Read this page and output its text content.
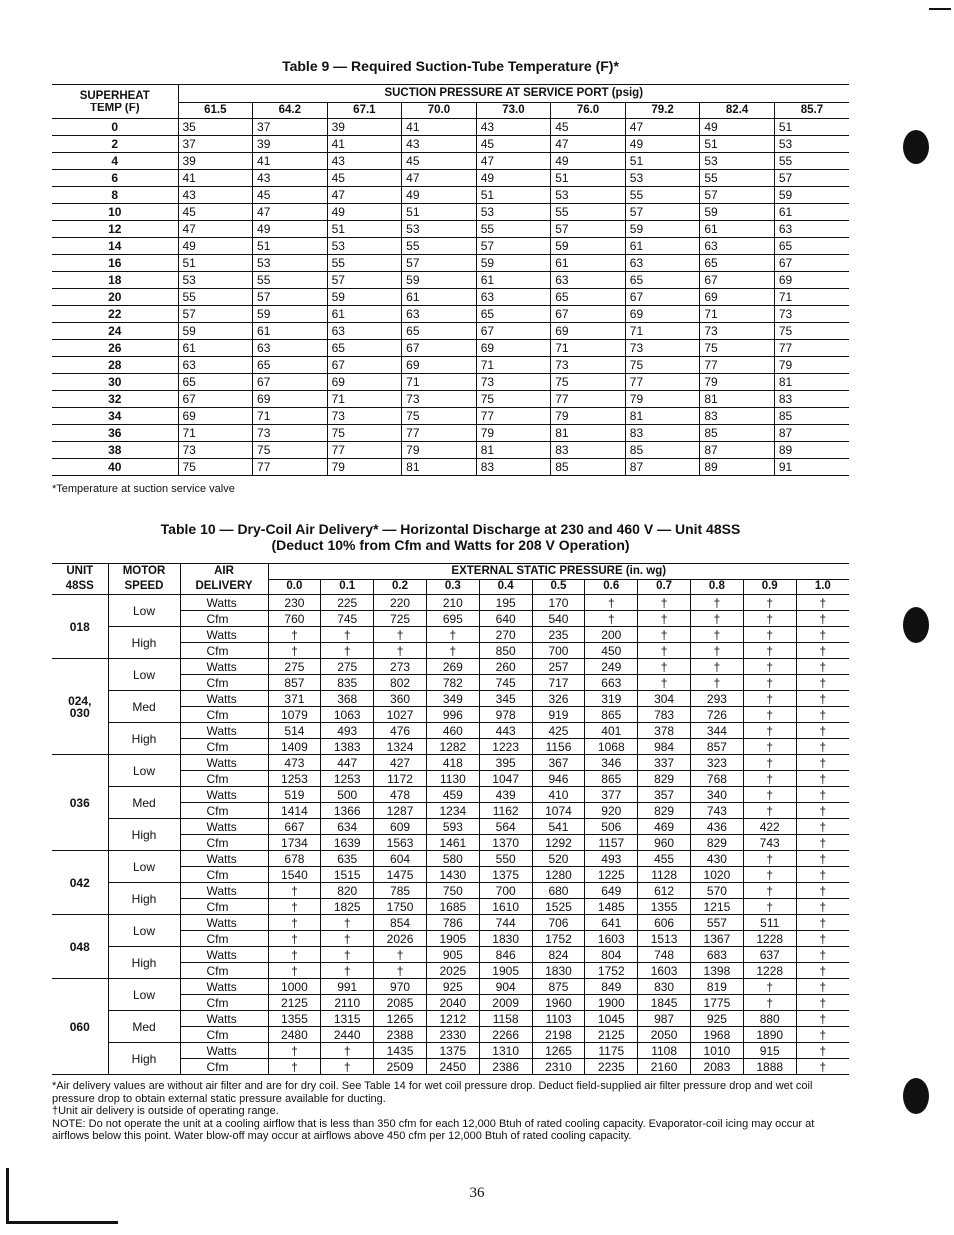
Table 9 — Required Suction-Tube Temperature (F)*
SUPERHEAT	SUCTION PRESSURE AT SERVICE PORT (psig)								
TEMP (F)	61.5	64.2	67.1	70.0	73.0	76.0	79.2	82.4	85.7
0	35	37	39	41	43	45	47	49	51
2	37	39	41	43	45	47	49	51	53
4	39	41	43	45	47	49	51	53	55
6	41	43	45	47	49	51	53	55	57
8	43	45	47	49	51	53	55	57	59
10	45	47	49	51	53	55	57	59	61
12	47	49	51	53	55	57	59	61	63
14	49	51	53	55	57	59	61	63	65
16	51	53	55	57	59	61	63	65	67
18	53	55	57	59	61	63	65	67	69
20	55	57	59	61	63	65	67	69	71
22	57	59	61	63	65	67	69	71	73
24	59	61	63	65	67	69	71	73	75
26	61	63	65	67	69	71	73	75	77
28	63	65	67	69	71	73	75	77	79
30	65	67	69	71	73	75	77	79	81
32	67	69	71	73	75	77	79	81	83
34	69	71	73	75	77	79	81	83	85
36	71	73	75	77	79	81	83	85	87
38	73	75	77	79	81	83	85	87	89
40	75	77	79	81	83	85	87	89	91
*Temperature at suction service valve
Table 10 — Dry-Coil Air Delivery* — Horizontal Discharge at 230 and 460 V — Unit 48SS
(Deduct 10% from Cfm and Watts for 208 V Operation)
UNIT	MOTOR	AIR	EXTERNAL STATIC PRESSURE (in. wg)										
48SS	SPEED	DELIVERY	0.0	0.1	0.2	0.3	0.4	0.5	0.6	0.7	0.8	0.9	1.0
018	Low	Watts	230	225	220	210	195	170	†	†	†	†	†
		Cfm	760	745	725	695	640	540	†	†	†	†	†
	High	Watts	†	†	†	†	270	235	200	†	†	†	†
		Cfm	†	†	†	†	850	700	450	†	†	†	†
024, 030	Low	Watts	275	275	273	269	260	257	249	†	†	†	†
		Cfm	857	835	802	782	745	717	663	†	†	†	†
	Med	Watts	371	368	360	349	345	326	319	304	293	†	†
		Cfm	1079	1063	1027	996	978	919	865	783	726	†	†
	High	Watts	514	493	476	460	443	425	401	378	344	†	†
		Cfm	1409	1383	1324	1282	1223	1156	1068	984	857	†	†
036	Low	Watts	473	447	427	418	395	367	346	337	323	†	†
		Cfm	1253	1253	1172	1130	1047	946	865	829	768	†	†
	Med	Watts	519	500	478	459	439	410	377	357	340	†	†
		Cfm	1414	1366	1287	1234	1162	1074	920	829	743	†	†
	High	Watts	667	634	609	593	564	541	506	469	436	422	†
		Cfm	1734	1639	1563	1461	1370	1292	1157	960	829	743	†
042	Low	Watts	678	635	604	580	550	520	493	455	430	†	†
		Cfm	1540	1515	1475	1430	1375	1280	1225	1128	1020	†	†
	High	Watts	†	820	785	750	700	680	649	612	570	†	†
		Cfm	†	1825	1750	1685	1610	1525	1485	1355	1215	†	†
048	Low	Watts	†	†	854	786	744	706	641	606	557	511	†
		Cfm	†	†	2026	1905	1830	1752	1603	1513	1367	1228	†
	High	Watts	†	†	†	905	846	824	804	748	683	637	†
		Cfm	†	†	†	2025	1905	1830	1752	1603	1398	1228	†
060	Low	Watts	1000	991	970	925	904	875	849	830	819	†	†
		Cfm	2125	2110	2085	2040	2009	1960	1900	1845	1775	†	†
	Med	Watts	1355	1315	1265	1212	1158	1103	1045	987	925	880	†
		Cfm	2480	2440	2388	2330	2266	2198	2125	2050	1968	1890	†
	High	Watts	†	†	1435	1375	1310	1265	1175	1108	1010	915	†
		Cfm	†	†	2509	2450	2386	2310	2235	2160	2083	1888	†
*Air delivery values are without air filter and are for dry coil. See Table 14 for wet coil pressure drop. Deduct field-supplied air filter pressure drop and wet coil pressure drop to obtain external static pressure available for ducting.
†Unit air delivery is outside of operating range.
NOTE: Do not operate the unit at a cooling airflow that is less than 350 cfm for each 12,000 Btuh of rated cooling capacity. Evaporator-coil icing may occur at airflows below this point. Water blow-off may occur at airflows above 450 cfm per 12,000 Btuh of rated cooling capacity.
36
